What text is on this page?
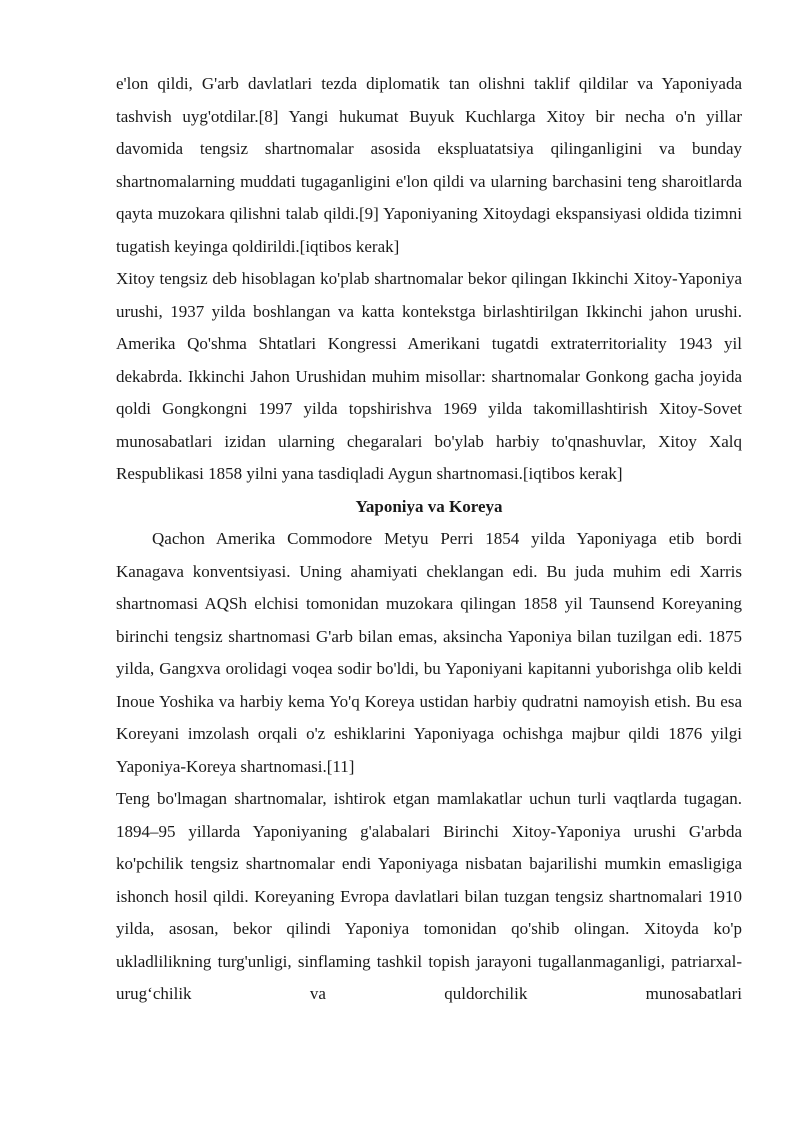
e'lon qildi, G'arb davlatlari tezda diplomatik tan olishni taklif qildilar va Yaponiyada tashvish uyg'otdilar.[8] Yangi hukumat Buyuk Kuchlarga Xitoy bir necha o'n yillar davomida tengsiz shartnomalar asosida ekspluatatsiya qilinganligini va bunday shartnomalarning muddati tugaganligini e'lon qildi va ularning barchasini teng sharoitlarda qayta muzokara qilishni talab qildi.[9] Yaponiyaning Xitoydagi ekspansiyasi oldida tizimni tugatish keyinga qoldirildi.[iqtibos kerak]

Xitoy tengsiz deb hisoblagan ko'plab shartnomalar bekor qilingan Ikkinchi Xitoy-Yaponiya urushi, 1937 yilda boshlangan va katta kontekstga birlashtirilgan Ikkinchi jahon urushi. Amerika Qo'shma Shtatlari Kongressi Amerikani tugatdi extraterritoriality 1943 yil dekabrda. Ikkinchi Jahon Urushidan muhim misollar: shartnomalar Gonkong gacha joyida qoldi Gongkongni 1997 yilda topshirishva 1969 yilda takomillashtirish Xitoy-Sovet munosabatlari izidan ularning chegaralari bo'ylab harbiy to'qnashuvlar, Xitoy Xalq Respublikasi 1858 yilni yana tasdiqladi Aygun shartnomasi.[iqtibos kerak]

Yaponiya va Koreya

Qachon Amerika Commodore Metyu Perri 1854 yilda Yaponiyaga etib bordi Kanagava konventsiyasi. Uning ahamiyati cheklangan edi. Bu juda muhim edi Xarris shartnomasi AQSh elchisi tomonidan muzokara qilingan 1858 yil Taunsend Koreyaning birinchi tengsiz shartnomasi G'arb bilan emas, aksincha Yaponiya bilan tuzilgan edi. 1875 yilda, Gangxva orolidagi voqea sodir bo'ldi, bu Yaponiyani kapitanni yuborishga olib keldi Inoue Yoshika va harbiy kema Yo'q Koreya ustidan harbiy qudratni namoyish etish. Bu esa Koreyani imzolash orqali o'z eshiklarini Yaponiyaga ochishga majbur qildi 1876 yilgi Yaponiya-Koreya shartnomasi.[11]

Teng bo'lmagan shartnomalar, ishtirok etgan mamlakatlar uchun turli vaqtlarda tugagan. 1894–95 yillarda Yaponiyaning g'alabalari Birinchi Xitoy-Yaponiya urushi G'arbda ko'pchilik tengsiz shartnomalar endi Yaponiyaga nisbatan bajarilishi mumkin emasligiga ishonch hosil qildi. Koreyaning Evropa davlatlari bilan tuzgan tengsiz shartnomalari 1910 yilda, asosan, bekor qilindi Yaponiya tomonidan qo'shib olingan. Xitoyda ko'p ukladlilikning turg'unligi, sinflaming tashkil topish jarayoni tugallanmaganligi, patriarxal-urug‘chilik va quldorchilik munosabatlari
